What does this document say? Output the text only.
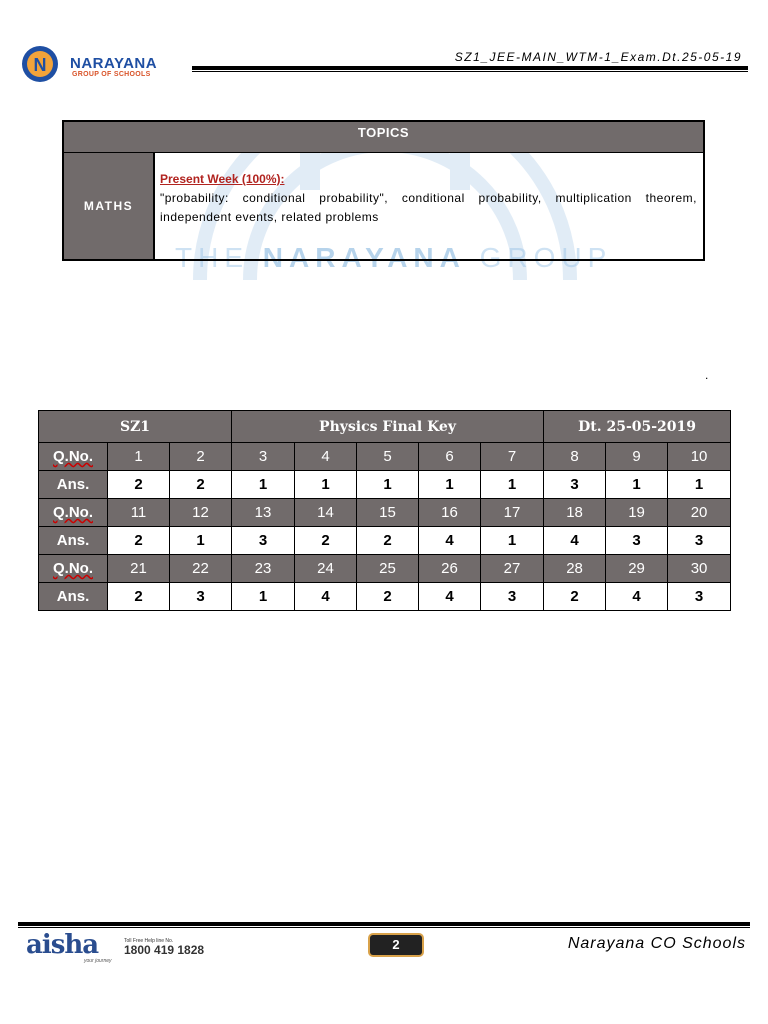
N NARAYANA
GROUP OF SCHOOLS
SZ1_JEE-MAIN_WTM-1_Exam.Dt.25-05-19
THE NARAYANA GROUP
TOPICS
MATHS
Present Week (100%):
"probability: conditional probability", conditional probability, multiplication theorem, independent events, related problems
.
SZ1			Physics Final Key					Dt. 25-05-2019		
Q.No.	1	2	3	4	5	6	7	8	9	10
Ans.	2	2	1	1	1	1	1	3	1	1
Q.No.	11	12	13	14	15	16	17	18	19	20
Ans.	2	1	3	2	2	4	1	4	3	3
Q.No.	21	22	23	24	25	26	27	28	29	30
Ans.	2	3	1	4	2	4	3	2	4	3
aisha
your journey
Toll Free Help line No.
1800 419 1828	2	Narayana CO Schools
